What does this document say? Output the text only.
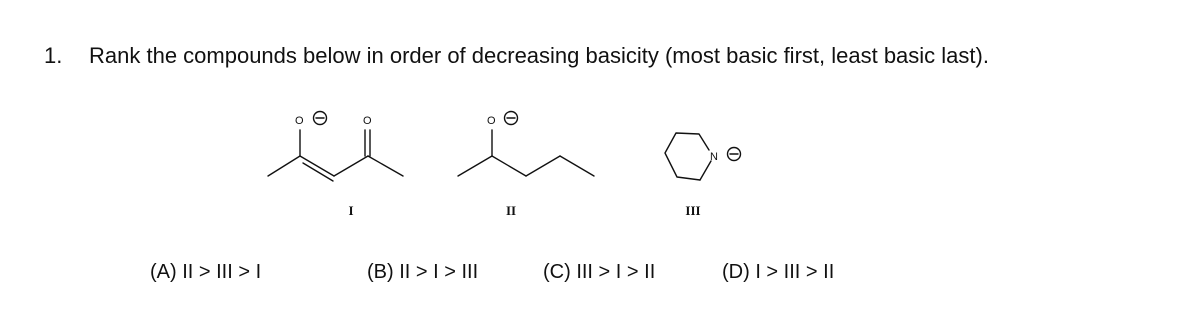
1. Rank the compounds below in order of decreasing basicity (most basic first, least basic last).
O	O
I
O
II
N
III
(A) II > III > I	(B) II > I > III	(C) III > I > II	(D) I > III > II
